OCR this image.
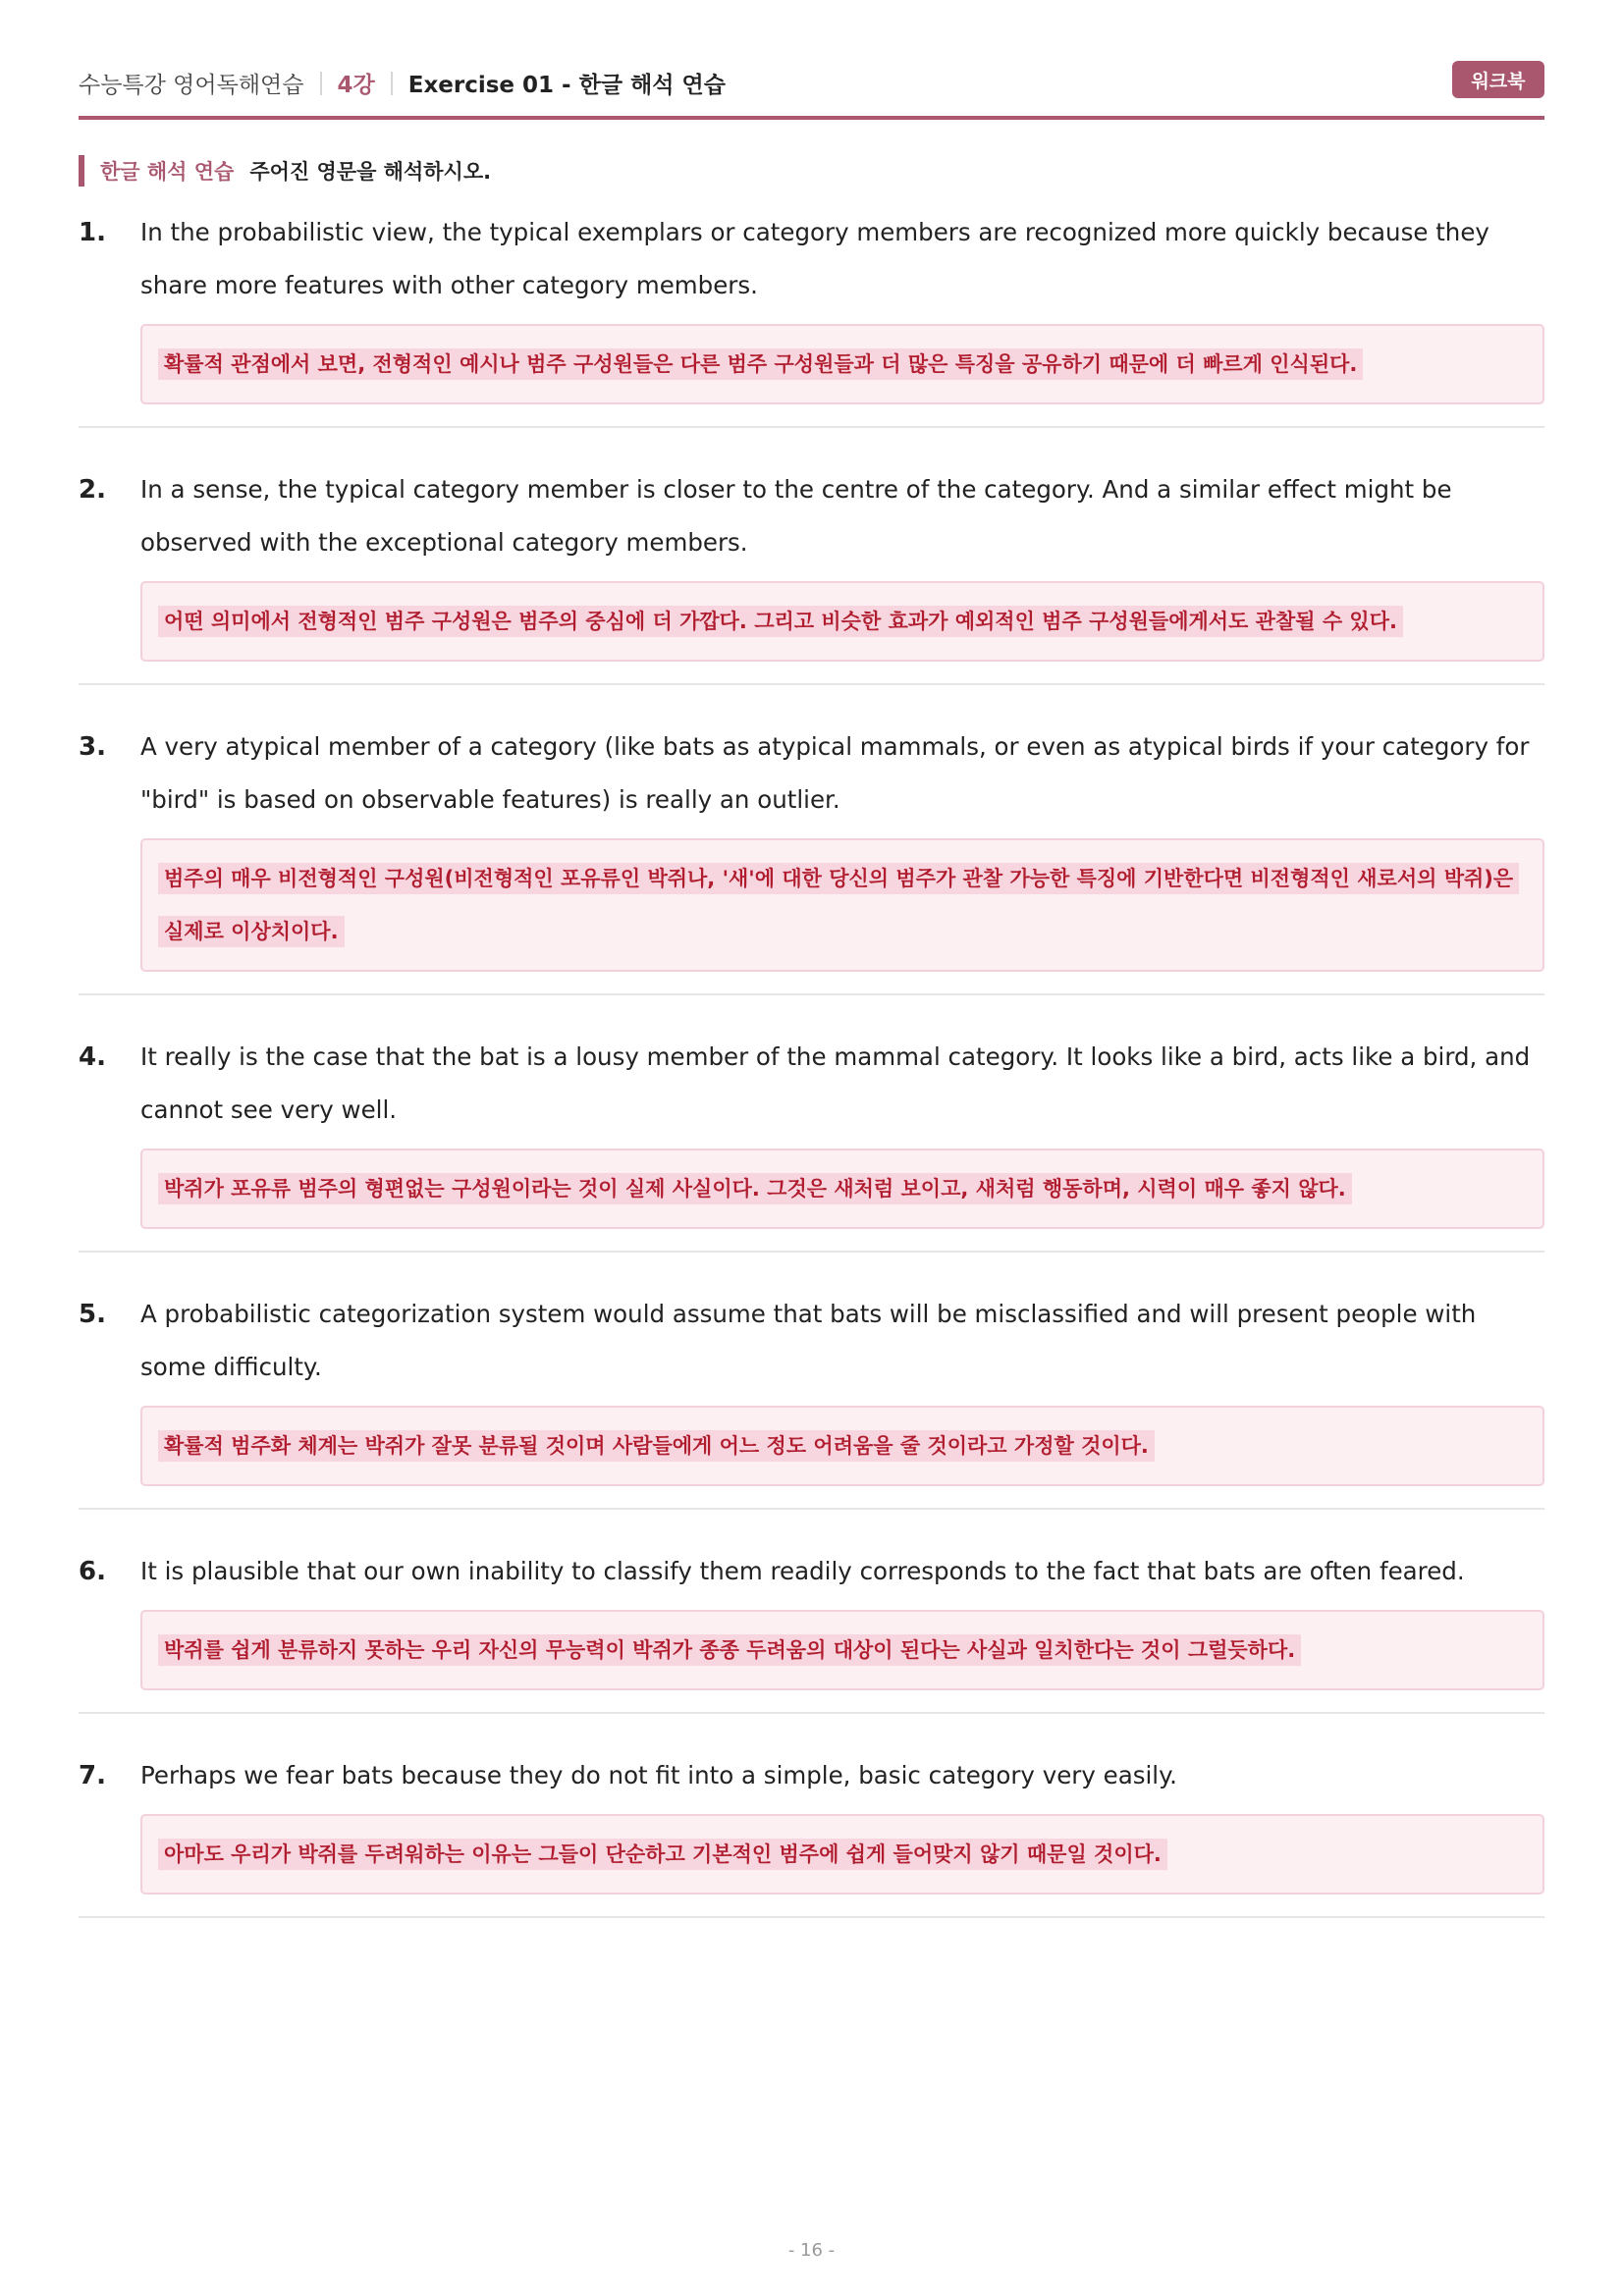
수능특강 영어독해연습 4강 Exercise 01 - 한글 해석 연습	워크북
한글 해석 연습 주어진 영문을 해석하시오.
1.	In the probabilistic view, the typical exemplars or category members are recognized more quickly because they share more features with other category members.
확률적 관점에서 보면, 전형적인 예시나 범주 구성원들은 다른 범주 구성원들과 더 많은 특징을 공유하기 때문에 더 빠르게 인식된다.
2.	In a sense, the typical category member is closer to the centre of the category. And a similar effect might be observed with the exceptional category members.
어떤 의미에서 전형적인 범주 구성원은 범주의 중심에 더 가깝다. 그리고 비슷한 효과가 예외적인 범주 구성원들에게서도 관찰될 수 있다.
3.	A very atypical member of a category (like bats as atypical mammals, or even as atypical birds if your category for "bird" is based on observable features) is really an outlier.
범주의 매우 비전형적인 구성원(비전형적인 포유류인 박쥐나, '새'에 대한 당신의 범주가 관찰 가능한 특징에 기반한다면 비전형적인 새로서의 박쥐)은 실제로 이상치이다.
4.	It really is the case that the bat is a lousy member of the mammal category. It looks like a bird, acts like a bird, and cannot see very well.
박쥐가 포유류 범주의 형편없는 구성원이라는 것이 실제 사실이다. 그것은 새처럼 보이고, 새처럼 행동하며, 시력이 매우 좋지 않다.
5.	A probabilistic categorization system would assume that bats will be misclassified and will present people with some difficulty.
확률적 범주화 체계는 박쥐가 잘못 분류될 것이며 사람들에게 어느 정도 어려움을 줄 것이라고 가정할 것이다.
6.	It is plausible that our own inability to classify them readily corresponds to the fact that bats are often feared.
박쥐를 쉽게 분류하지 못하는 우리 자신의 무능력이 박쥐가 종종 두려움의 대상이 된다는 사실과 일치한다는 것이 그럴듯하다.
7.	Perhaps we fear bats because they do not fit into a simple, basic category very easily.
아마도 우리가 박쥐를 두려워하는 이유는 그들이 단순하고 기본적인 범주에 쉽게 들어맞지 않기 때문일 것이다.
- 16 -
